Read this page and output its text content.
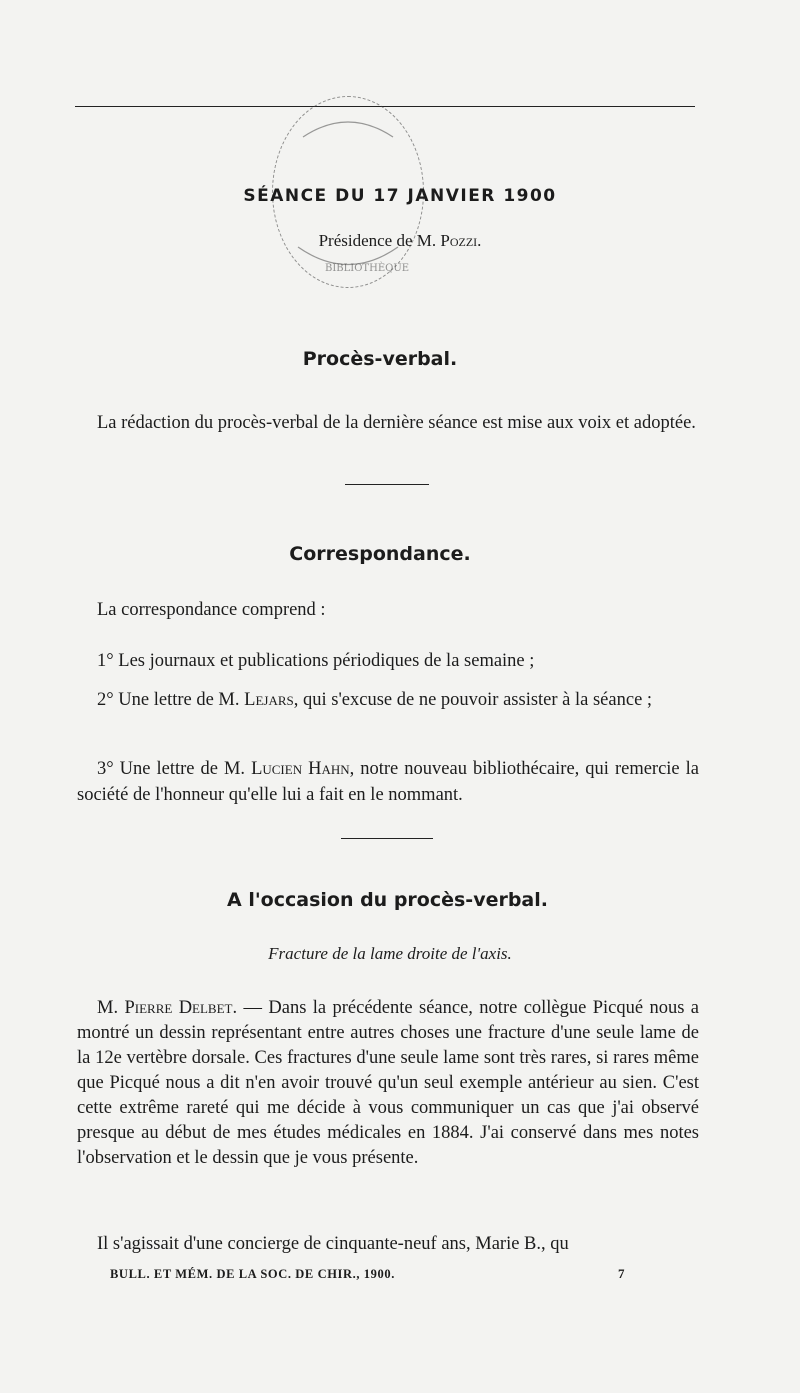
BIBLIOTHÈQUE
SÉANCE DU 17 JANVIER 1900
Présidence de M. Pozzi.
Procès-verbal.
La rédaction du procès-verbal de la dernière séance est mise aux voix et adoptée.
Correspondance.
La correspondance comprend :
1° Les journaux et publications périodiques de la semaine ;
2° Une lettre de M. Lejars, qui s'excuse de ne pouvoir assister à la séance ;
3° Une lettre de M. Lucien Hahn, notre nouveau bibliothécaire, qui remercie la société de l'honneur qu'elle lui a fait en le nommant.
A l'occasion du procès-verbal.
Fracture de la lame droite de l'axis.
M. Pierre Delbet. — Dans la précédente séance, notre collègue Picqué nous a montré un dessin représentant entre autres choses une fracture d'une seule lame de la 12e vertèbre dorsale. Ces fractures d'une seule lame sont très rares, si rares même que Picqué nous a dit n'en avoir trouvé qu'un seul exemple antérieur au sien. C'est cette extrême rareté qui me décide à vous communiquer un cas que j'ai observé presque au début de mes études médicales en 1884. J'ai conservé dans mes notes l'observation et le dessin que je vous présente.
Il s'agissait d'une concierge de cinquante-neuf ans, Marie B., qu
BULL. ET MÉM. DE LA SOC. DE CHIR., 1900.	7
